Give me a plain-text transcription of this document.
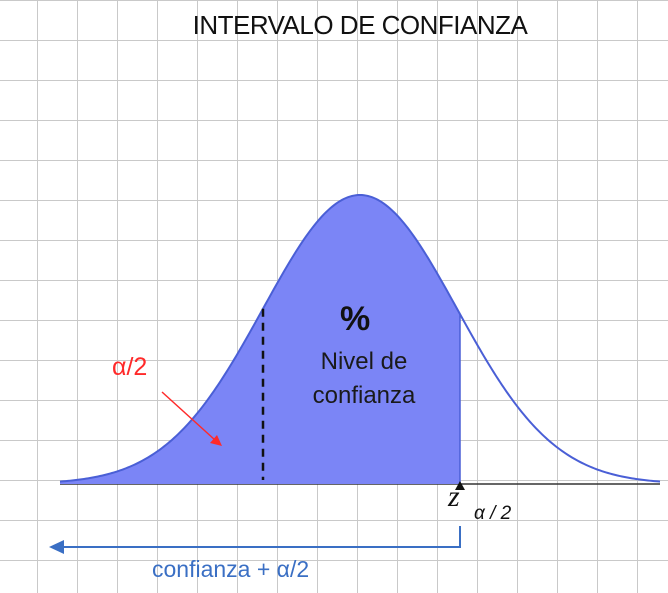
INTERVALO DE CONFIANZA
%
Nivel de
confianza
α/2
z
α / 2
confianza + α/2
